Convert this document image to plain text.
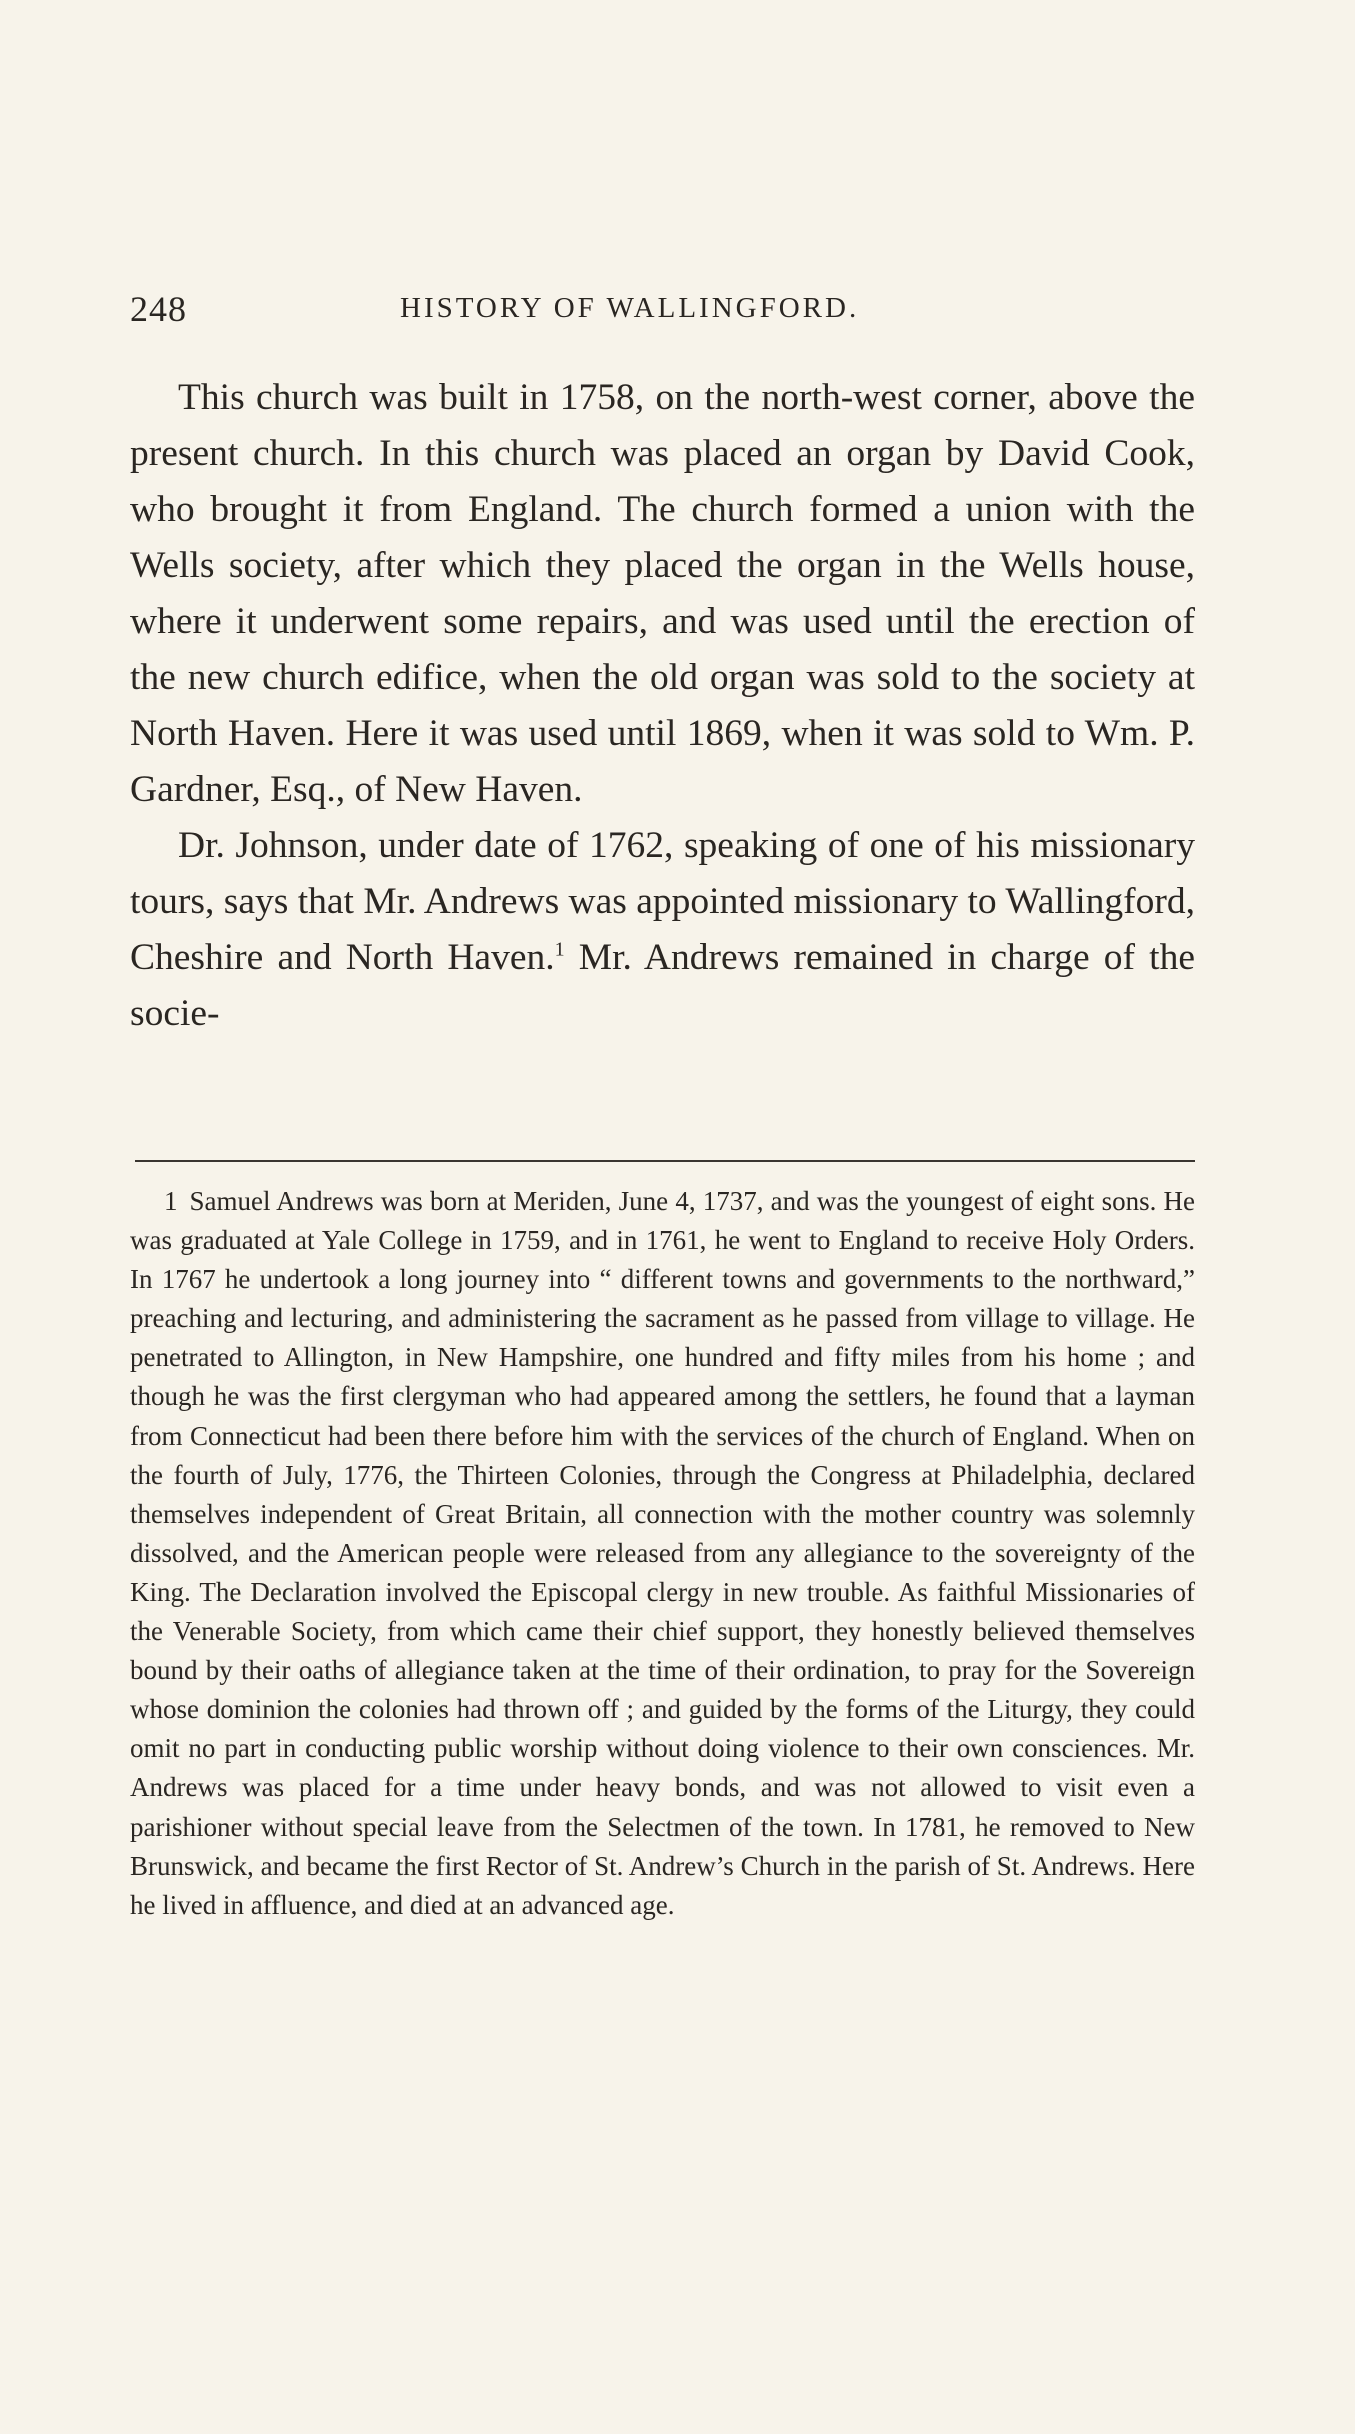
248	HISTORY OF WALLINGFORD.

This church was built in 1758, on the north-west corner, above the present church. In this church was placed an organ by David Cook, who brought it from England. The church formed a union with the Wells society, after which they placed the organ in the Wells house, where it underwent some repairs, and was used until the erection of the new church edifice, when the old organ was sold to the society at North Haven. Here it was used until 1869, when it was sold to Wm. P. Gardner, Esq., of New Haven.

Dr. Johnson, under date of 1762, speaking of one of his missionary tours, says that Mr. Andrews was appointed missionary to Wallingford, Cheshire and North Haven.$^1$ Mr. Andrews remained in charge of the socie-

1 Samuel Andrews was born at Meriden, June 4, 1737, and was the youngest of eight sons. He was graduated at Yale College in 1759, and in 1761, he went to England to receive Holy Orders. In 1767 he undertook a long journey into “ different towns and governments to the northward,” preaching and lecturing, and administering the sacrament as he passed from village to village. He penetrated to Allington, in New Hampshire, one hundred and fifty miles from his home ; and though he was the first clergyman who had appeared among the settlers, he found that a layman from Connecticut had been there before him with the services of the church of England. When on the fourth of July, 1776, the Thirteen Colonies, through the Congress at Philadelphia, declared themselves independent of Great Britain, all connection with the mother country was solemnly dissolved, and the American people were released from any allegiance to the sovereignty of the King. The Declaration involved the Episcopal clergy in new trouble. As faithful Missionaries of the Venerable Society, from which came their chief support, they honestly believed themselves bound by their oaths of allegiance taken at the time of their ordination, to pray for the Sovereign whose dominion the colonies had thrown off ; and guided by the forms of the Liturgy, they could omit no part in conducting public worship without doing violence to their own consciences. Mr. Andrews was placed for a time under heavy bonds, and was not allowed to visit even a parishioner without special leave from the Selectmen of the town. In 1781, he removed to New Brunswick, and became the first Rector of St. Andrew’s Church in the parish of St. Andrews. Here he lived in affluence, and died at an advanced age.
